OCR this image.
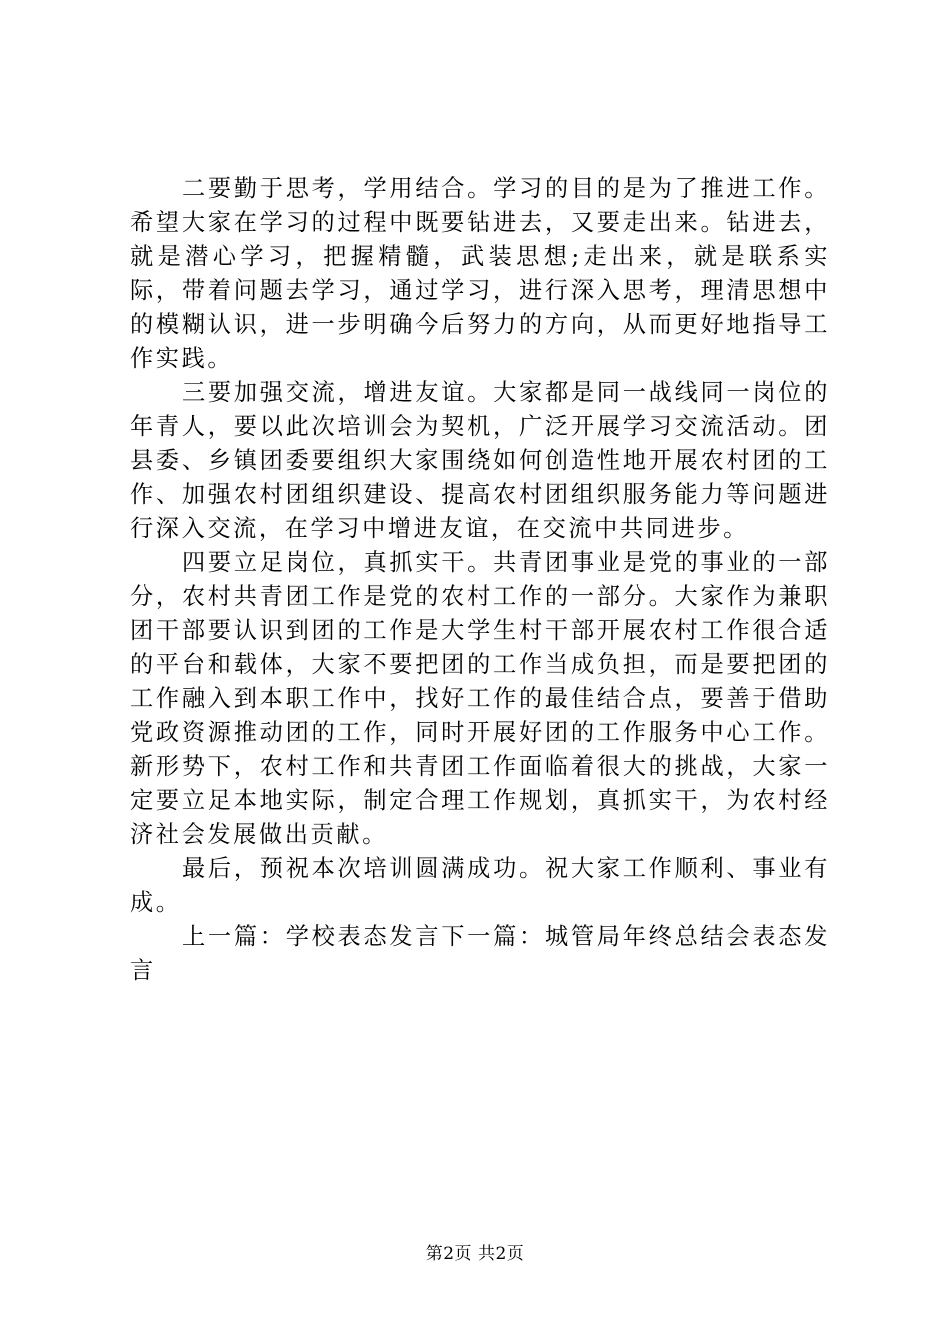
二要勤于思考，学用结合。学习的目的是为了推进工作。希望大家在学习的过程中既要钻进去，又要走出来。钻进去，就是潜心学习，把握精髓，武装思想;走出来，就是联系实际，带着问题去学习，通过学习，进行深入思考，理清思想中的模糊认识，进一步明确今后努力的方向，从而更好地指导工作实践。

三要加强交流，增进友谊。大家都是同一战线同一岗位的年青人，要以此次培训会为契机，广泛开展学习交流活动。团县委、乡镇团委要组织大家围绕如何创造性地开展农村团的工作、加强农村团组织建设、提高农村团组织服务能力等问题进行深入交流，在学习中增进友谊，在交流中共同进步。

四要立足岗位，真抓实干。共青团事业是党的事业的一部分，农村共青团工作是党的农村工作的一部分。大家作为兼职团干部要认识到团的工作是大学生村干部开展农村工作很合适的平台和载体，大家不要把团的工作当成负担，而是要把团的工作融入到本职工作中，找好工作的最佳结合点，要善于借助党政资源推动团的工作，同时开展好团的工作服务中心工作。新形势下，农村工作和共青团工作面临着很大的挑战，大家一定要立足本地实际，制定合理工作规划，真抓实干，为农村经济社会发展做出贡献。

最后，预祝本次培训圆满成功。祝大家工作顺利、事业有成。

上一篇：学校表态发言下一篇：城管局年终总结会表态发言

第2页 共2页
